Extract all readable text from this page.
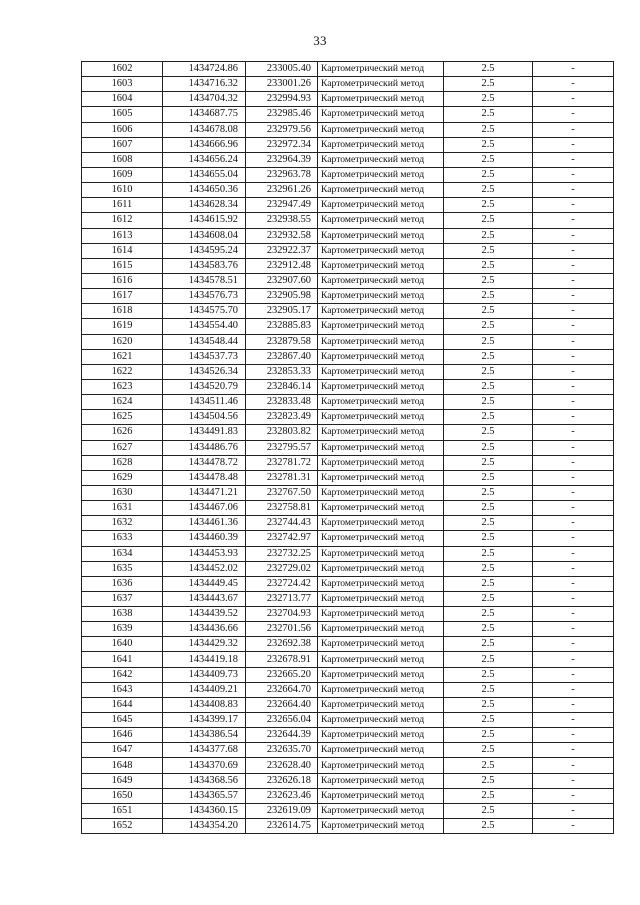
33
1602	1434724.86	233005.40	Картометрический метод	2.5	-
1603	1434716.32	233001.26	Картометрический метод	2.5	-
1604	1434704.32	232994.93	Картометрический метод	2.5	-
1605	1434687.75	232985.46	Картометрический метод	2.5	-
1606	1434678.08	232979.56	Картометрический метод	2.5	-
1607	1434666.96	232972.34	Картометрический метод	2.5	-
1608	1434656.24	232964.39	Картометрический метод	2.5	-
1609	1434655.04	232963.78	Картометрический метод	2.5	-
1610	1434650.36	232961.26	Картометрический метод	2.5	-
1611	1434628.34	232947.49	Картометрический метод	2.5	-
1612	1434615.92	232938.55	Картометрический метод	2.5	-
1613	1434608.04	232932.58	Картометрический метод	2.5	-
1614	1434595.24	232922.37	Картометрический метод	2.5	-
1615	1434583.76	232912.48	Картометрический метод	2.5	-
1616	1434578.51	232907.60	Картометрический метод	2.5	-
1617	1434576.73	232905.98	Картометрический метод	2.5	-
1618	1434575.70	232905.17	Картометрический метод	2.5	-
1619	1434554.40	232885.83	Картометрический метод	2.5	-
1620	1434548.44	232879.58	Картометрический метод	2.5	-
1621	1434537.73	232867.40	Картометрический метод	2.5	-
1622	1434526.34	232853.33	Картометрический метод	2.5	-
1623	1434520.79	232846.14	Картометрический метод	2.5	-
1624	1434511.46	232833.48	Картометрический метод	2.5	-
1625	1434504.56	232823.49	Картометрический метод	2.5	-
1626	1434491.83	232803.82	Картометрический метод	2.5	-
1627	1434486.76	232795.57	Картометрический метод	2.5	-
1628	1434478.72	232781.72	Картометрический метод	2.5	-
1629	1434478.48	232781.31	Картометрический метод	2.5	-
1630	1434471.21	232767.50	Картометрический метод	2.5	-
1631	1434467.06	232758.81	Картометрический метод	2.5	-
1632	1434461.36	232744.43	Картометрический метод	2.5	-
1633	1434460.39	232742.97	Картометрический метод	2.5	-
1634	1434453.93	232732.25	Картометрический метод	2.5	-
1635	1434452.02	232729.02	Картометрический метод	2.5	-
1636	1434449.45	232724.42	Картометрический метод	2.5	-
1637	1434443.67	232713.77	Картометрический метод	2.5	-
1638	1434439.52	232704.93	Картометрический метод	2.5	-
1639	1434436.66	232701.56	Картометрический метод	2.5	-
1640	1434429.32	232692.38	Картометрический метод	2.5	-
1641	1434419.18	232678.91	Картометрический метод	2.5	-
1642	1434409.73	232665.20	Картометрический метод	2.5	-
1643	1434409.21	232664.70	Картометрический метод	2.5	-
1644	1434408.83	232664.40	Картометрический метод	2.5	-
1645	1434399.17	232656.04	Картометрический метод	2.5	-
1646	1434386.54	232644.39	Картометрический метод	2.5	-
1647	1434377.68	232635.70	Картометрический метод	2.5	-
1648	1434370.69	232628.40	Картометрический метод	2.5	-
1649	1434368.56	232626.18	Картометрический метод	2.5	-
1650	1434365.57	232623.46	Картометрический метод	2.5	-
1651	1434360.15	232619.09	Картометрический метод	2.5	-
1652	1434354.20	232614.75	Картометрический метод	2.5	-
